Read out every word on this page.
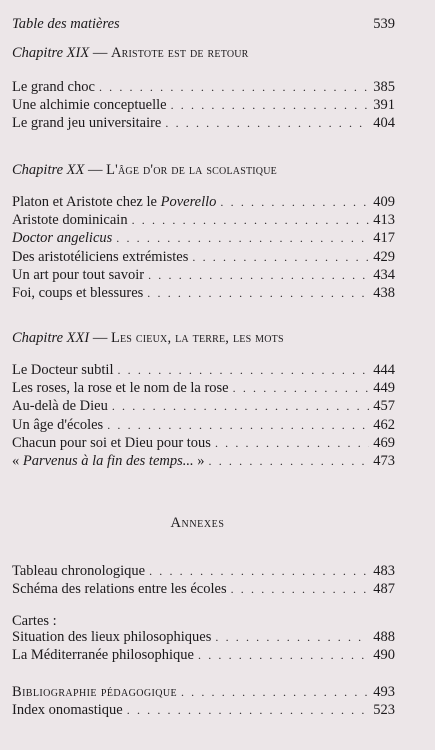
Table des matières	539
Chapitre XIX — Aristote est de retour
Le grand choc . . .	385
Une alchimie conceptuelle . . .	391
Le grand jeu universitaire . . .	404
Chapitre XX — L'âge d'or de la scolastique
Platon et Aristote chez le Poverello . . .	409
Aristote dominicain . . .	413
Doctor angelicus . . .	417
Des aristotéliciens extrémistes . . .	429
Un art pour tout savoir . . .	434
Foi, coups et blessures . . .	438
Chapitre XXI — Les cieux, la terre, les mots
Le Docteur subtil . . .	444
Les roses, la rose et le nom de la rose . . .	449
Au-delà de Dieu . . .	457
Un âge d'écoles . . .	462
Chacun pour soi et Dieu pour tous . . .	469
« Parvenus à la fin des temps... » . . .	473
Annexes
Tableau chronologique . . .	483
Schéma des relations entre les écoles . . .	487
Cartes :
Situation des lieux philosophiques . . .	488
La Méditerranée philosophique . . .	490
Bibliographie pédagogique . . .	493
Index onomastique . . .	523
